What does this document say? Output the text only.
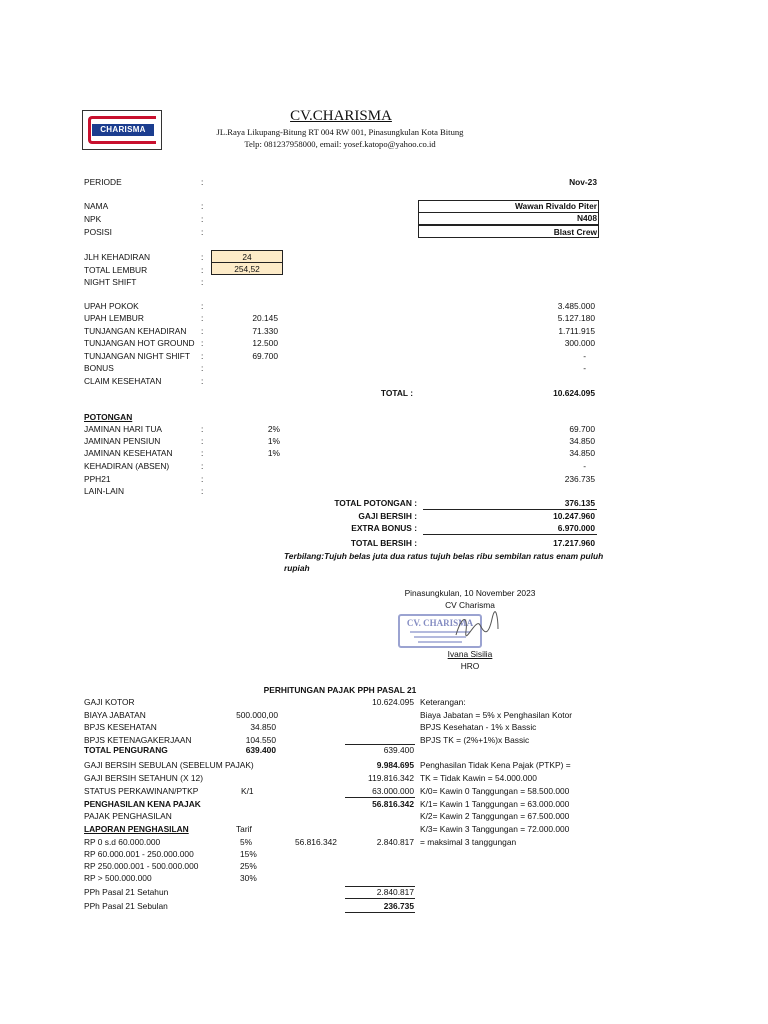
CHARISMA
CV.CHARISMA
JL.Raya Likupang-Bitung RT 004 RW 001, Pinasungkulan Kota Bitung
Telp: 081237958000, email: yosef.katopo@yahoo.co.id
PERIODE	:	Nov-23
NAMA	:	Wawan Rivaldo Piter
NPK	:	N408
POSISI	:	Blast Crew
JLH KEHADIRAN	:	24
TOTAL LEMBUR	:	254,52
NIGHT SHIFT	:
UPAH POKOK	:	3.485.000
UPAH LEMBUR	:	20.145	5.127.180
TUNJANGAN KEHADIRAN :	71.330	1.711.915
TUNJANGAN HOT GROUND :	12.500	300.000
TUNJANGAN NIGHT SHIFT :	69.700	-
BONUS	:	-
CLAIM KESEHATAN	:
TOTAL :	10.624.095
POTONGAN
JAMINAN HARI TUA	:	2%	69.700
JAMINAN PENSIUN	:	1%	34.850
JAMINAN KESEHATAN	:	1%	34.850
KEHADIRAN (ABSEN)	:	-
PPH21	:	236.735
LAIN-LAIN	:
TOTAL POTONGAN :	376.135
GAJI BERSIH :	10.247.960
EXTRA BONUS :	6.970.000
TOTAL BERSIH :	17.217.960
Terbilang:Tujuh belas juta dua ratus tujuh belas ribu sembilan ratus enam puluh
rupiah
Pinasungkulan, 10 November 2023
CV Charisma
CV. CHARISMA
Ivana Sisilia
HRO
PERHITUNGAN PAJAK PPH PASAL 21
GAJI KOTOR	10.624.095
BIAYA JABATAN	500.000,00
BPJS KESEHATAN	34.850
BPJS KETENAGAKERJAAN	104.550
TOTAL PENGURANG	639.400	639.400
GAJI BERSIH SEBULAN (SEBELUM PAJAK)	9.984.695
GAJI BERSIH SETAHUN (X 12)	119.816.342
STATUS PERKAWINAN/PTKP	K/1	63.000.000
PENGHASILAN KENA PAJAK	56.816.342
PAJAK PENGHASILAN
LAPORAN PENGHASILAN	Tarif
RP 0 s.d 60.000.000	5%	56.816.342	2.840.817
RP 60.000.001 - 250.000.000	15%
RP 250.000.001 - 500.000.000	25%
RP > 500.000.000	30%
PPh Pasal 21 Setahun	2.840.817
PPh Pasal 21 Sebulan	236.735
Keterangan:
Biaya Jabatan = 5% x Penghasilan Kotor
BPJS Kesehatan - 1% x Bassic
BPJS TK = (2%+1%)x Bassic
Penghasilan Tidak Kena Pajak (PTKP) =
TK = Tidak Kawin = 54.000.000
K/0= Kawin 0 Tanggungan = 58.500.000
K/1= Kawin 1 Tanggungan = 63.000.000
K/2= Kawin 2 Tanggungan = 67.500.000
K/3= Kawin 3 Tanggungan = 72.000.000
= maksimal 3 tanggungan
